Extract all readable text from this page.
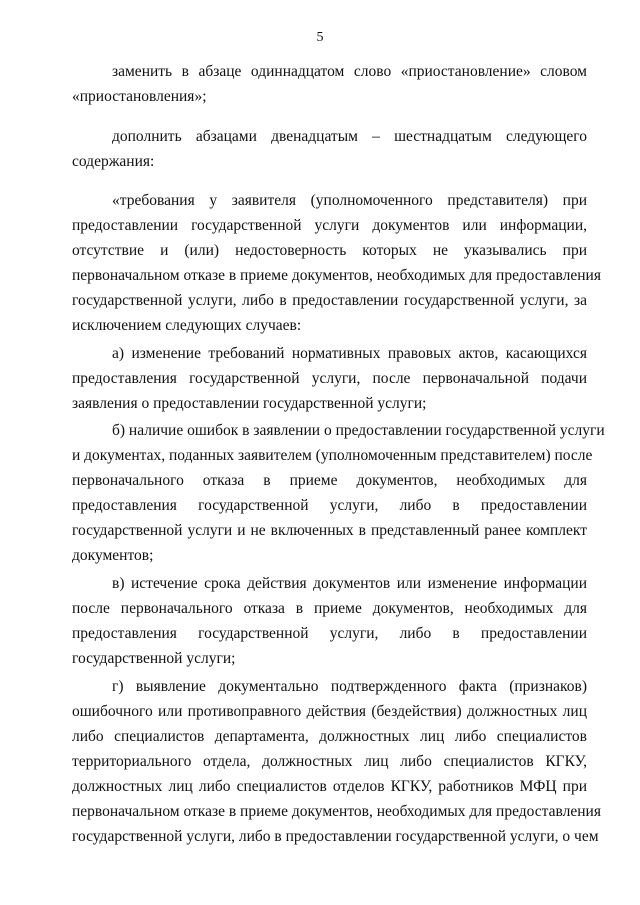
5
заменить в абзаце одиннадцатом слово «приостановление» словом
«приостановления»;
дополнить абзацами двенадцатым – шестнадцатым следующего
содержания:
«требования у заявителя (уполномоченного представителя) при
предоставлении государственной услуги документов или информации,
отсутствие и (или) недостоверность которых не указывались при
первоначальном отказе в приеме документов, необходимых для предоставления
государственной услуги, либо в предоставлении государственной услуги, за
исключением следующих случаев:
а) изменение требований нормативных правовых актов, касающихся
предоставления государственной услуги, после первоначальной подачи
заявления о предоставлении государственной услуги;
б) наличие ошибок в заявлении о предоставлении государственной услуги
и документах, поданных заявителем (уполномоченным представителем) после
первоначального отказа в приеме документов, необходимых для
предоставления государственной услуги, либо в предоставлении
государственной услуги и не включенных в представленный ранее комплект
документов;
в) истечение срока действия документов или изменение информации
после первоначального отказа в приеме документов, необходимых для
предоставления государственной услуги, либо в предоставлении
государственной услуги;
г) выявление документально подтвержденного факта (признаков)
ошибочного или противоправного действия (бездействия) должностных лиц
либо специалистов департамента, должностных лиц либо специалистов
территориального отдела, должностных лиц либо специалистов КГКУ,
должностных лиц либо специалистов отделов КГКУ, работников МФЦ при
первоначальном отказе в приеме документов, необходимых для предоставления
государственной услуги, либо в предоставлении государственной услуги, о чем
